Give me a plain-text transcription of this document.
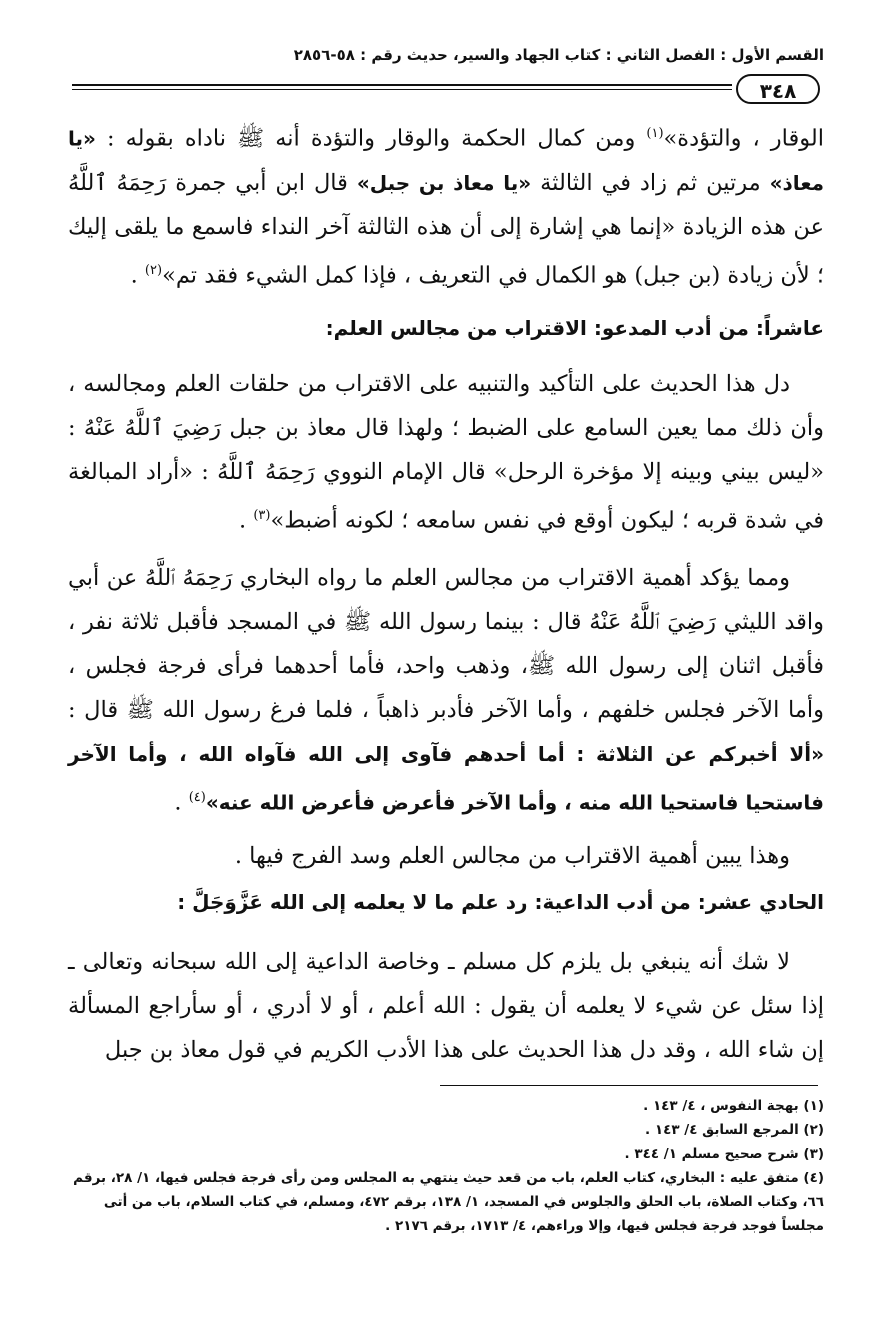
القسم الأول : الفصل الثاني : كتاب الجهاد والسير، حديث رقم : ٥٨-٢٨٥٦
٣٤٨
الوقار ، والتؤدة»$^{(١)}$ ومن كمال الحكمة والوقار والتؤدة أنه ﷺ ناداه بقوله : «يا معاذ» مرتين ثم زاد في الثالثة «يا معاذ بن جبل» قال ابن أبي جمرة رَحِمَهُ ٱللَّهُ عن هذه الزيادة «إنما هي إشارة إلى أن هذه الثالثة آخر النداء فاسمع ما يلقى إليك ؛ لأن زيادة (بن جبل) هو الكمال في التعريف ، فإذا كمل الشيء فقد تم»$^{(٢)}$ .
عاشراً: من أدب المدعو: الاقتراب من مجالس العلم:
دل هذا الحديث على التأكيد والتنبيه على الاقتراب من حلقات العلم ومجالسه ، وأن ذلك مما يعين السامع على الضبط ؛ ولهذا قال معاذ بن جبل رَضِيَ ٱللَّهُ عَنْهُ : «ليس بيني وبينه إلا مؤخرة الرحل» قال الإمام النووي رَحِمَهُ ٱللَّهُ : «أراد المبالغة في شدة قربه ؛ ليكون أوقع في نفس سامعه ؛ لكونه أضبط»$^{(٣)}$ .
ومما يؤكد أهمية الاقتراب من مجالس العلم ما رواه البخاري رَحِمَهُ ٱللَّهُ عن أبي واقد الليثي رَضِيَ ٱللَّهُ عَنْهُ قال : بينما رسول الله ﷺ في المسجد فأقبل ثلاثة نفر ، فأقبل اثنان إلى رسول الله ﷺ، وذهب واحد، فأما أحدهما فرأى فرجة فجلس ، وأما الآخر فجلس خلفهم ، وأما الآخر فأدبر ذاهباً ، فلما فرغ رسول الله ﷺ قال : «ألا أخبركم عن الثلاثة : أما أحدهم فآوى إلى الله فآواه الله ، وأما الآخر فاستحيا فاستحيا الله منه ، وأما الآخر فأعرض فأعرض الله عنه»$^{(٤)}$ .
وهذا يبين أهمية الاقتراب من مجالس العلم وسد الفرج فيها .
الحادي عشر: من أدب الداعية: رد علم ما لا يعلمه إلى الله عَزَّوَجَلَّ :
لا شك أنه ينبغي بل يلزم كل مسلم ـ وخاصة الداعية إلى الله سبحانه وتعالى ـ إذا سئل عن شيء لا يعلمه أن يقول : الله أعلم ، أو لا أدري ، أو سأراجع المسألة إن شاء الله ، وقد دل هذا الحديث على هذا الأدب الكريم في قول معاذ بن جبل

(١) بهجة النفوس ، ٤/ ١٤٣ .

(٢) المرجع السابق ٤/ ١٤٣ .

(٣) شرح صحيح مسلم ١/ ٣٤٤ .

(٤) متفق عليه : البخاري، كتاب العلم، باب من قعد حيث ينتهي به المجلس ومن رأى فرجة فجلس فيها، ١/ ٢٨، برقم ٦٦، وكتاب الصلاة، باب الحلق والجلوس في المسجد، ١/ ١٣٨، برقم ٤٧٢، ومسلم، في كتاب السلام، باب من أتى مجلساً فوجد فرجة فجلس فيها، وإلا وراءهم، ٤/ ١٧١٣، برقم ٢١٧٦ .
